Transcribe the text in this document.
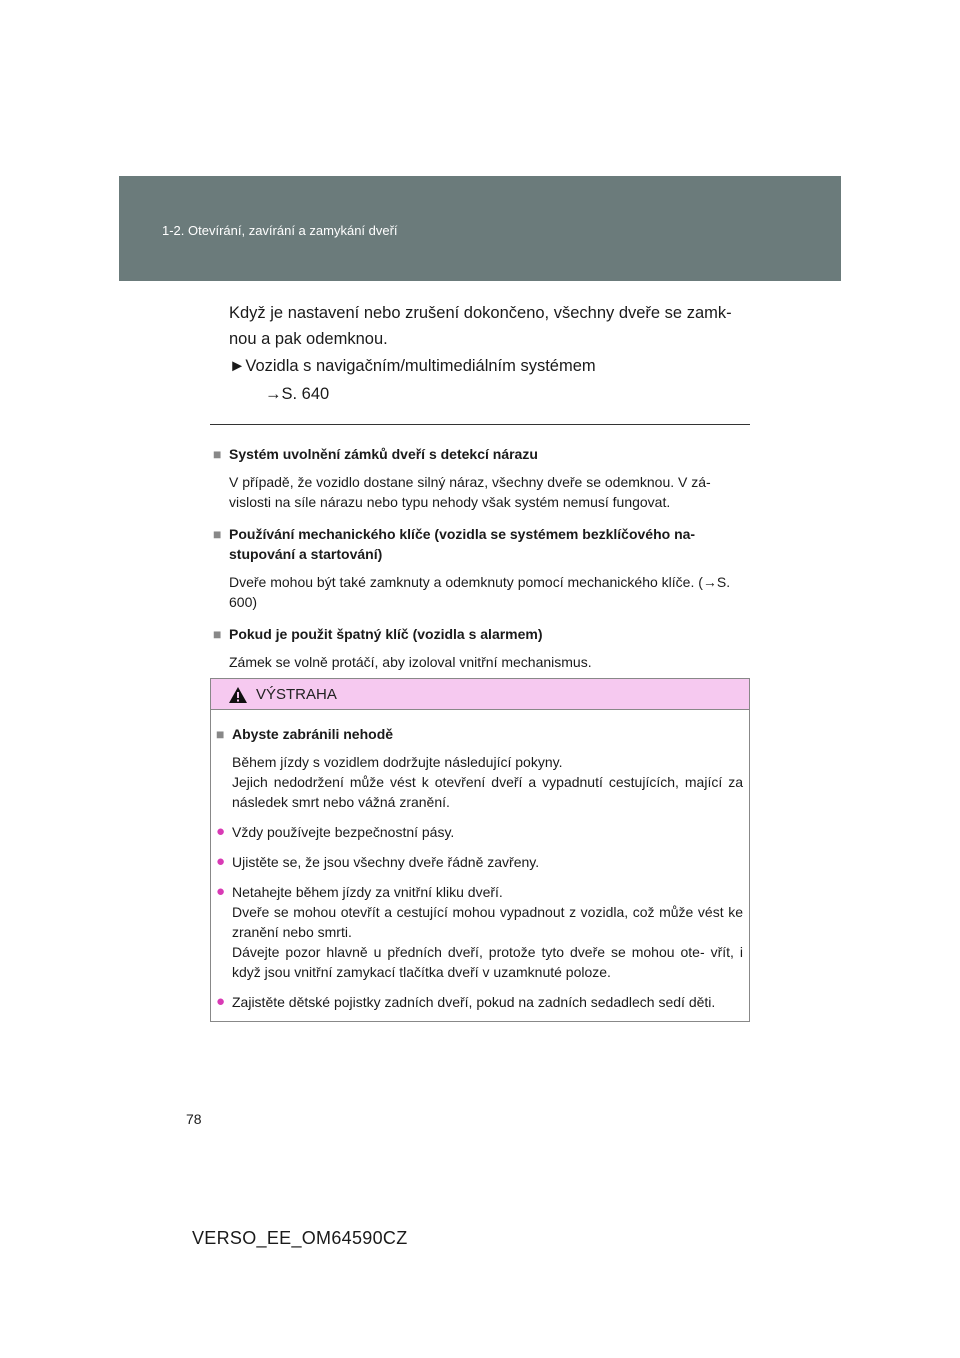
1-2. Otevírání, zavírání a zamykání dveří

Když je nastavení nebo zrušení dokončeno, všechny dveře se zamk-

nou a pak odemknou.

►Vozidla s navigačním/multimediálním systémem
→S. 640
■ Systém uvolnění zámků dveří s detekcí nárazu
V případě, že vozidlo dostane silný náraz, všechny dveře se odemknou. V zá- vislosti na síle nárazu nebo typu nehody však systém nemusí fungovat.
■ Používání mechanického klíče (vozidla se systémem bezklíčového na- stupování a startování)
Dveře mohou být také zamknuty a odemknuty pomocí mechanického klíče. (→S. 600)
■ Pokud je použit špatný klíč (vozidla s alarmem)
Zámek se volně protáčí, aby izoloval vnitřní mechanismus.
VÝSTRAHA
■ Abyste zabránili nehodě
Během jízdy s vozidlem dodržujte následující pokyny.
Jejich nedodržení může vést k otevření dveří a vypadnutí cestujících, mající za následek smrt nebo vážná zranění.
● Vždy používejte bezpečnostní pásy.
● Ujistěte se, že jsou všechny dveře řádně zavřeny.
● Netahejte během jízdy za vnitřní kliku dveří.
Dveře se mohou otevřít a cestující mohou vypadnout z vozidla, což může vést ke zranění nebo smrti.
Dávejte pozor hlavně u předních dveří, protože tyto dveře se mohou ote- vřít, i když jsou vnitřní zamykací tlačítka dveří v uzamknuté poloze.
● Zajistěte dětské pojistky zadních dveří, pokud na zadních sedadlech sedí děti.
78
VERSO_EE_OM64590CZ
